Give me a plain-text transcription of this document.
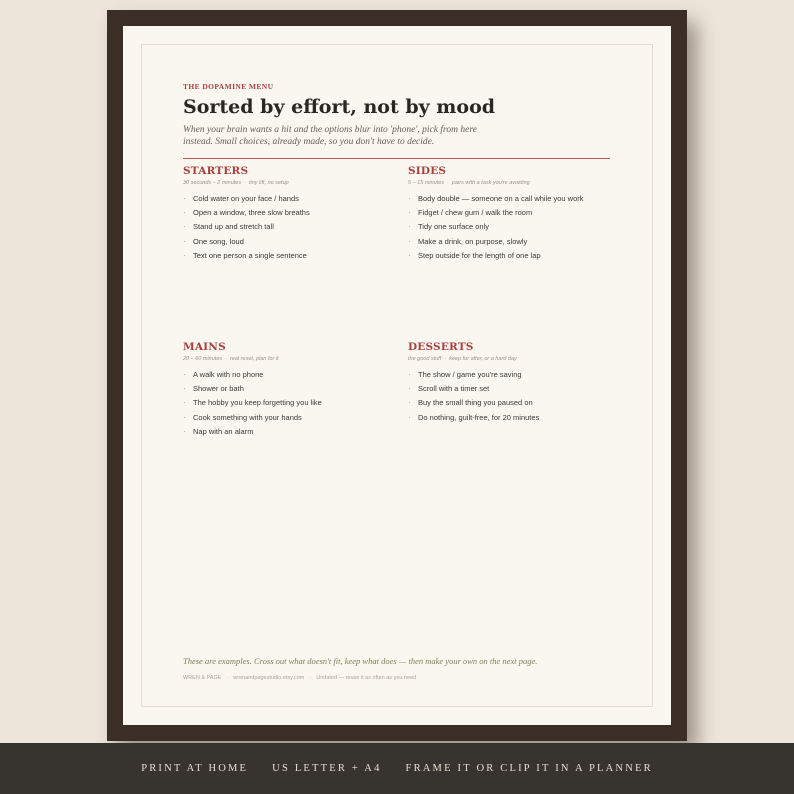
THE DOPAMINE MENU
Sorted by effort, not by mood
When your brain wants a hit and the options blur into 'phone', pick from here instead. Small choices, already made, so you don't have to decide.
STARTERS
30 seconds – 2 minutes · tiny lift, no setup
· Cold water on your face / hands
· Open a window, three slow breaths
· Stand up and stretch tall
· One song, loud
· Text one person a single sentence
SIDES
5 – 15 minutes · pairs with a task you're avoiding
· Body double — someone on a call while you work
· Fidget / chew gum / walk the room
· Tidy one surface only
· Make a drink, on purpose, slowly
· Step outside for the length of one lap
MAINS
20 – 60 minutes · real reset, plan for it
· A walk with no phone
· Shower or bath
· The hobby you keep forgetting you like
· Cook something with your hands
· Nap with an alarm
DESSERTS
the good stuff · keep for after, or a hard day
· The show / game you're saving
· Scroll with a timer set
· Buy the small thing you paused on
· Do nothing, guilt-free, for 20 minutes
These are examples. Cross out what doesn't fit, keep what does — then make your own on the next page.
WREN & PAGE · wrenandpagestudio.etsy.com · Undated — reuse it as often as you need
PRINT AT HOME US LETTER + A4 FRAME IT OR CLIP IT IN A PLANNER
